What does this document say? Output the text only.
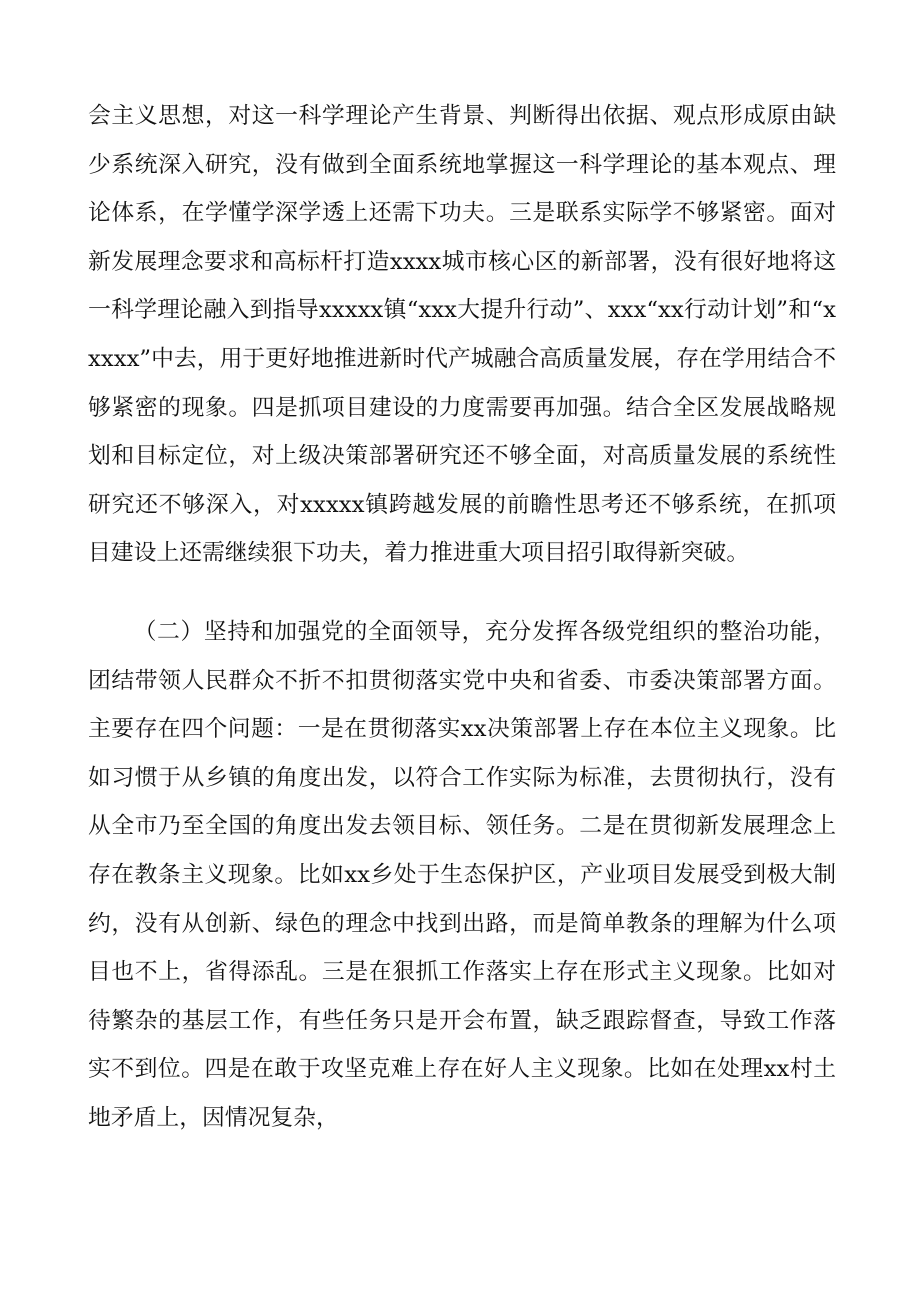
会主义思想，对这一科学理论产生背景、判断得出依据、观点形成原由缺少系统深入研究，没有做到全面系统地掌握这一科学理论的基本观点、理论体系，在学懂学深学透上还需下功夫。三是联系实际学不够紧密。面对新发展理念要求和高标杆打造xxxx城市核心区的新部署，没有很好地将这一科学理论融入到指导xxxxx镇“xxx大提升行动”、xxx“xx行动计划”和“xxxxx”中去，用于更好地推进新时代产城融合高质量发展，存在学用结合不够紧密的现象。四是抓项目建设的力度需要再加强。结合全区发展战略规划和目标定位，对上级决策部署研究还不够全面，对高质量发展的系统性研究还不够深入，对xxxxx镇跨越发展的前瞻性思考还不够系统，在抓项目建设上还需继续狠下功夫，着力推进重大项目招引取得新突破。

（二）坚持和加强党的全面领导，充分发挥各级党组织的整治功能，团结带领人民群众不折不扣贯彻落实党中央和省委、市委决策部署方面。主要存在四个问题：一是在贯彻落实xx决策部署上存在本位主义现象。比如习惯于从乡镇的角度出发，以符合工作实际为标准，去贯彻执行，没有从全市乃至全国的角度出发去领目标、领任务。二是在贯彻新发展理念上存在教条主义现象。比如xx乡处于生态保护区，产业项目发展受到极大制约，没有从创新、绿色的理念中找到出路，而是简单教条的理解为什么项目也不上，省得添乱。三是在狠抓工作落实上存在形式主义现象。比如对待繁杂的基层工作，有些任务只是开会布置，缺乏跟踪督查，导致工作落实不到位。四是在敢于攻坚克难上存在好人主义现象。比如在处理xx村土地矛盾上，因情况复杂，
